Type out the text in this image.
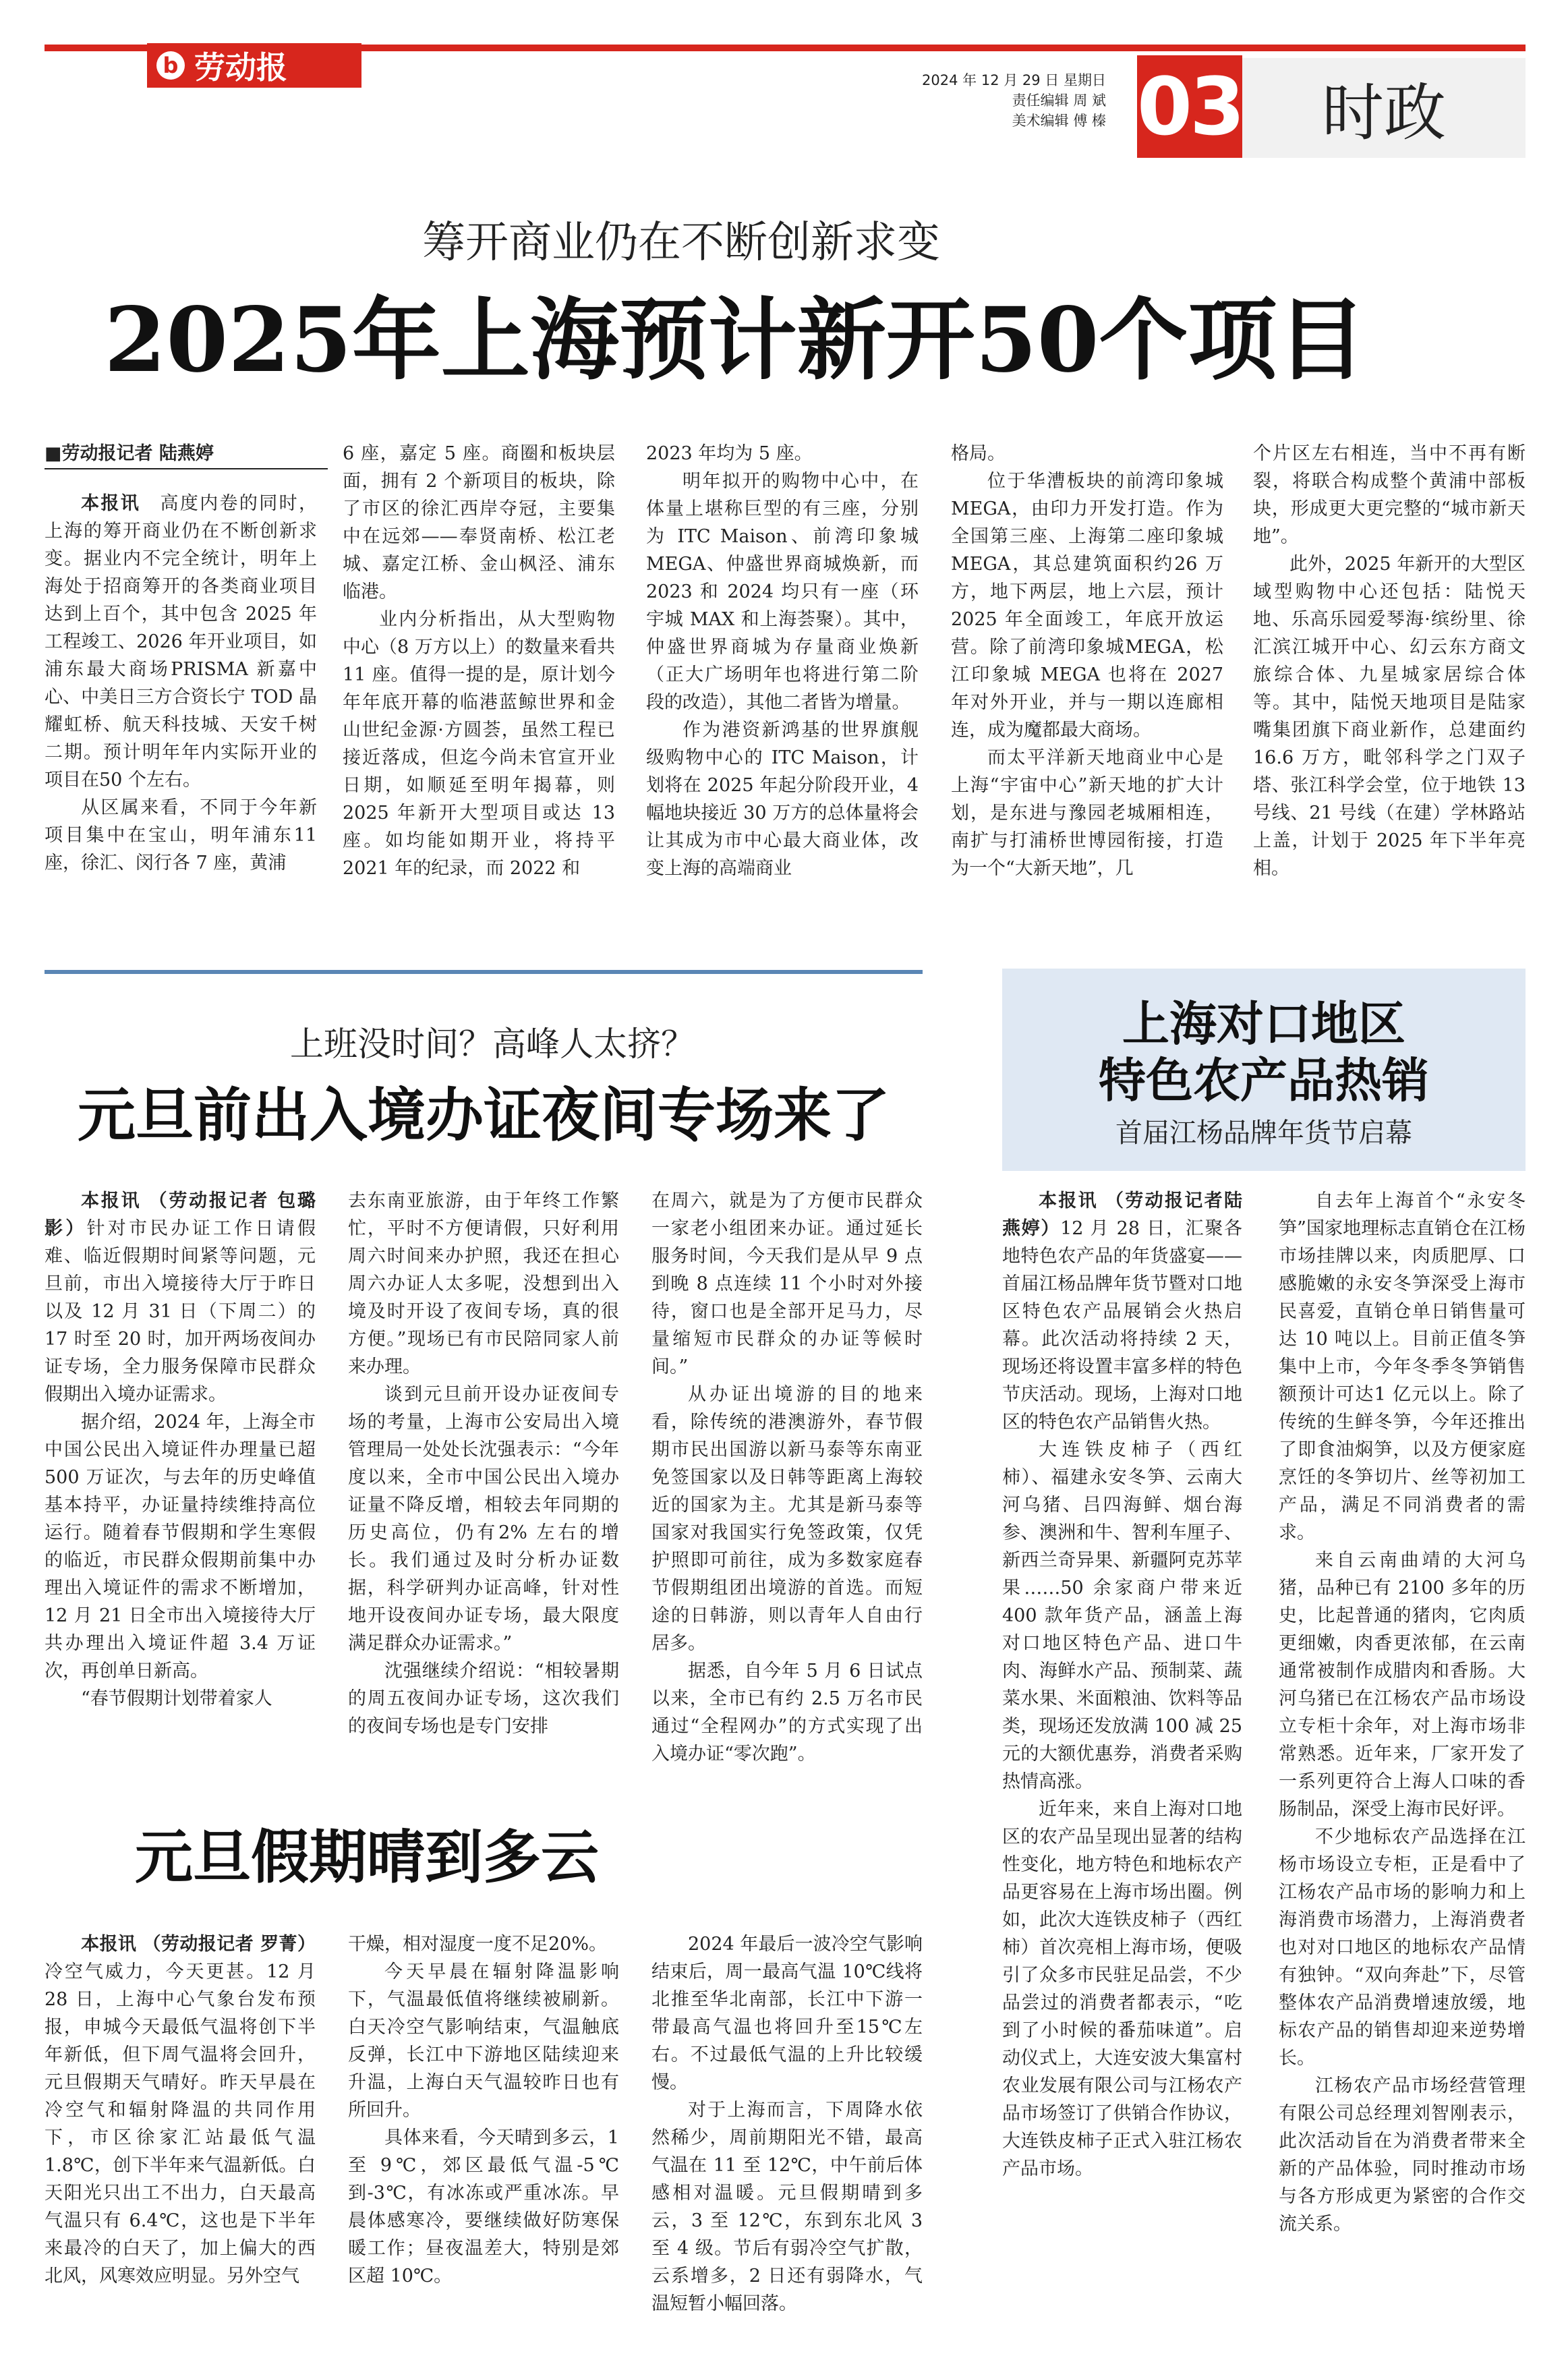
b 劳动报	2024 年 12 月 29 日 星期日
责任编辑 周 斌
美术编辑 傅 榛 03	时政
筹开商业仍在不断创新求变
2025年上海预计新开50个项目
■劳动报记者 陆燕婷

本报讯　 高度内卷的同时，上海的筹开商业仍在不断创新求变。据业内不完全统计，明年上海处于招商筹开的各类商业项目达到上百个，其中包含 2025 年工程竣工、2026 年开业项目，如浦东最大商场PRISMA 新嘉中心、中美日三方合资长宁 TOD 晶耀虹桥、航天科技城、天安千树二期。预计明年年内实际开业的项目在50 个左右。

从区属来看，不同于今年新项目集中在宝山，明年浦东11 座，徐汇、闵行各 7 座，黄浦

6 座，嘉定 5 座。商圈和板块层面，拥有 2 个新项目的板块，除了市区的徐汇西岸夺冠，主要集中在远郊——奉贤南桥、松江老城、嘉定江桥、金山枫泾、浦东临港。

业内分析指出，从大型购物中心（8 万方以上）的数量来看共 11 座。值得一提的是，原计划今年年底开幕的临港蓝鲸世界和金山世纪金源·方圆荟，虽然工程已接近落成，但迄今尚未官宣开业日期，如顺延至明年揭幕，则2025 年新开大型项目或达 13座。如均能如期开业，将持平2021 年的纪录，而 2022 和

2023 年均为 5 座。

明年拟开的购物中心中，在体量上堪称巨型的有三座，分别为 ITC Maison、前湾印象城 MEGA、仲盛世界商城焕新，而 2023 和 2024 均只有一座（环宇城 MAX 和上海荟聚）。其中，仲盛世界商城为存量商业焕新（正大广场明年也将进行第二阶段的改造），其他二者皆为增量。

作为港资新鸿基的世界旗舰级购物中心的 ITC Maison，计划将在 2025 年起分阶段开业，4 幅地块接近 30 万方的总体量将会让其成为市中心最大商业体，改变上海的高端商业

格局。

位于华漕板块的前湾印象城 MEGA，由印力开发打造。作为全国第三座、上海第二座印象城 MEGA，其总建筑面积约26 万方，地下两层，地上六层，预计 2025 年全面竣工，年底开放运营。除了前湾印象城MEGA，松江印象城 MEGA 也将在 2027 年对外开业，并与一期以连廊相连，成为魔都最大商场。

而太平洋新天地商业中心是上海“宇宙中心”新天地的扩大计划，是东进与豫园老城厢相连，南扩与打浦桥世博园衔接，打造为一个“大新天地”，几

个片区左右相连，当中不再有断裂，将联合构成整个黄浦中部板块，形成更大更完整的“城市新天地”。

此外，2025 年新开的大型区域型购物中心还包括：陆悦天地、乐高乐园爱琴海·缤纷里、徐汇滨江城开中心、幻云东方商文旅综合体、九星城家居综合体等。其中，陆悦天地项目是陆家嘴集团旗下商业新作，总建面约 16.6 万方，毗邻科学之门双子塔、张江科学会堂，位于地铁 13 号线、21 号线（在建）学林路站上盖，计划于 2025 年下半年亮相。

上班没时间？高峰人太挤？
元旦前出入境办证夜间专场来了

本报讯 （劳动报记者 包璐影）针对市民办证工作日请假难、临近假期时间紧等问题，元旦前，市出入境接待大厅于昨日以及 12 月 31 日（下周二）的 17 时至 20 时，加开两场夜间办证专场，全力服务保障市民群众假期出入境办证需求。

据介绍，2024 年，上海全市中国公民出入境证件办理量已超 500 万证次，与去年的历史峰值基本持平，办证量持续维持高位运行。随着春节假期和学生寒假的临近，市民群众假期前集中办理出入境证件的需求不断增加，12 月 21 日全市出入境接待大厅共办理出入境证件超 3.4 万证次，再创单日新高。

“春节假期计划带着家人

去东南亚旅游，由于年终工作繁忙，平时不方便请假，只好利用周六时间来办护照，我还在担心周六办证人太多呢，没想到出入境及时开设了夜间专场，真的很方便。”现场已有市民陪同家人前来办理。

谈到元旦前开设办证夜间专场的考量，上海市公安局出入境管理局一处处长沈强表示：“今年度以来，全市中国公民出入境办证量不降反增，相较去年同期的历史高位，仍有2% 左右的增长。我们通过及时分析办证数据，科学研判办证高峰，针对性地开设夜间办证专场，最大限度满足群众办证需求。”

沈强继续介绍说：“相较暑期的周五夜间办证专场，这次我们的夜间专场也是专门安排

在周六，就是为了方便市民群众一家老小组团来办证。通过延长服务时间，今天我们是从早 9 点到晚 8 点连续 11 个小时对外接待，窗口也是全部开足马力，尽量缩短市民群众的办证等候时间。”

从办证出境游的目的地来看，除传统的港澳游外，春节假期市民出国游以新马泰等东南亚免签国家以及日韩等距离上海较近的国家为主。尤其是新马泰等国家对我国实行免签政策，仅凭护照即可前往，成为多数家庭春节假期组团出境游的首选。而短途的日韩游，则以青年人自由行居多。

据悉，自今年 5 月 6 日试点以来，全市已有约 2.5 万名市民通过“全程网办”的方式实现了出入境办证“零次跑”。

元旦假期晴到多云

本报讯 （劳动报记者 罗菁）冷空气威力，今天更甚。12 月 28 日，上海中心气象台发布预报，申城今天最低气温将创下半年新低，但下周气温将会回升，元旦假期天气晴好。昨天早晨在冷空气和辐射降温的共同作用下，市区徐家汇站最低气温 1.8℃，创下半年来气温新低。白天阳光只出工不出力，白天最高气温只有 6.4℃，这也是下半年来最冷的白天了，加上偏大的西北风，风寒效应明显。另外空气

干燥，相对湿度一度不足20%。

今天早晨在辐射降温影响下，气温最低值将继续被刷新。白天冷空气影响结束，气温触底反弹，长江中下游地区陆续迎来升温，上海白天气温较昨日也有所回升。

具体来看，今天晴到多云，1 至 9℃，郊区最低气温-5℃到-3℃，有冰冻或严重冰冻。早晨体感寒冷，要继续做好防寒保暖工作；昼夜温差大，特别是郊区超 10℃。

2024 年最后一波冷空气影响结束后，周一最高气温 10℃线将北推至华北南部，长江中下游一带最高气温也将回升至15℃左右。不过最低气温的上升比较缓慢。

对于上海而言，下周降水依然稀少，周前期阳光不错，最高气温在 11 至 12℃，中午前后体感相对温暖。元旦假期晴到多云，3 至 12℃，东到东北风 3 至 4 级。节后有弱冷空气扩散，云系增多，2 日还有弱降水，气温短暂小幅回落。

上海对口地区
特色农产品热销
首届江杨品牌年货节启幕

本报讯 （劳动报记者陆燕婷）12 月 28 日，汇聚各地特色农产品的年货盛宴——首届江杨品牌年货节暨对口地区特色农产品展销会火热启幕。此次活动将持续 2 天，现场还将设置丰富多样的特色节庆活动。现场，上海对口地区的特色农产品销售火热。

大连铁皮柿子（西红柿）、福建永安冬笋、云南大河乌猪、吕四海鲜、烟台海参、澳洲和牛、智利车厘子、新西兰奇异果、新疆阿克苏苹果……50 余家商户带来近 400 款年货产品，涵盖上海对口地区特色产品、进口牛肉、海鲜水产品、预制菜、蔬菜水果、米面粮油、饮料等品类，现场还发放满 100 减 25 元的大额优惠券，消费者采购热情高涨。

近年来，来自上海对口地区的农产品呈现出显著的结构性变化，地方特色和地标农产品更容易在上海市场出圈。例如，此次大连铁皮柿子（西红柿）首次亮相上海市场，便吸引了众多市民驻足品尝，不少品尝过的消费者都表示，“吃到了小时候的番茄味道”。启动仪式上，大连安波大集富村农业发展有限公司与江杨农产品市场签订了供销合作协议，大连铁皮柿子正式入驻江杨农产品市场。

自去年上海首个“永安冬笋”国家地理标志直销仓在江杨市场挂牌以来，肉质肥厚、口感脆嫩的永安冬笋深受上海市民喜爱，直销仓单日销售量可达 10 吨以上。目前正值冬笋集中上市，今年冬季冬笋销售额预计可达1 亿元以上。除了传统的生鲜冬笋，今年还推出了即食油焖笋，以及方便家庭烹饪的冬笋切片、丝等初加工产品，满足不同消费者的需求。

来自云南曲靖的大河乌猪，品种已有 2100 多年的历史，比起普通的猪肉，它肉质更细嫩，肉香更浓郁，在云南通常被制作成腊肉和香肠。大河乌猪已在江杨农产品市场设立专柜十余年，对上海市场非常熟悉。近年来，厂家开发了一系列更符合上海人口味的香肠制品，深受上海市民好评。

不少地标农产品选择在江杨市场设立专柜，正是看中了江杨农产品市场的影响力和上海消费市场潜力，上海消费者也对对口地区的地标农产品情有独钟。“双向奔赴”下，尽管整体农产品消费增速放缓，地标农产品的销售却迎来逆势增长。

江杨农产品市场经营管理有限公司总经理刘智刚表示，此次活动旨在为消费者带来全新的产品体验，同时推动市场与各方形成更为紧密的合作交流关系。
